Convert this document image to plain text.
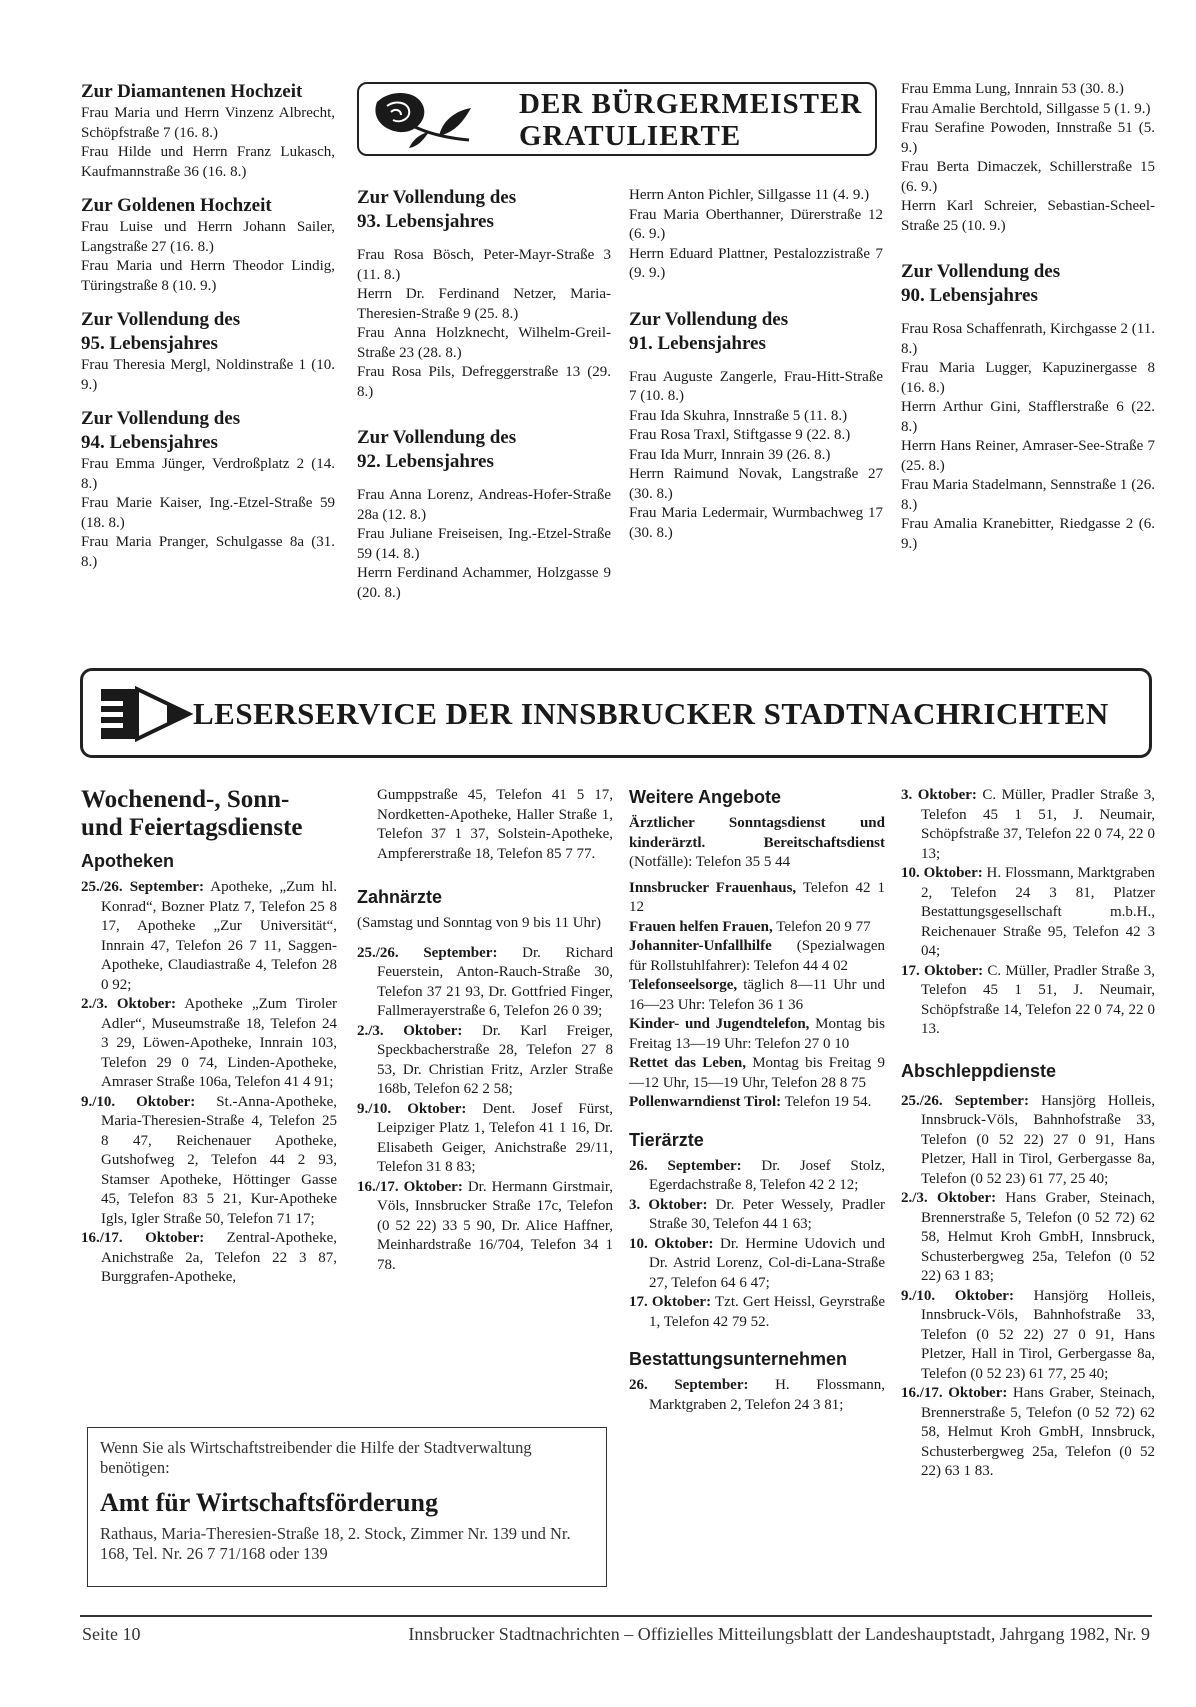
Zur Diamantenen Hochzeit
Frau Maria und Herrn Vinzenz Albrecht, Schöpfstraße 7 (16. 8.)
Frau Hilde und Herrn Franz Lukasch, Kaufmannstraße 36 (16. 8.)
Zur Goldenen Hochzeit
Frau Luise und Herrn Johann Sailer, Langstraße 27 (16. 8.)
Frau Maria und Herrn Theodor Lindig, Türingstraße 8 (10. 9.)
Zur Vollendung des
95. Lebensjahres
Frau Theresia Mergl, Noldinstraße 1 (10. 9.)
Zur Vollendung des
94. Lebensjahres
Frau Emma Jünger, Verdroßplatz 2 (14. 8.)
Frau Marie Kaiser, Ing.-Etzel-Straße 59 (18. 8.)
Frau Maria Pranger, Schulgasse 8a (31. 8.)
DER BÜRGERMEISTER
GRATULIERTE
Zur Vollendung des
93. Lebensjahres
Frau Rosa Bösch, Peter-Mayr-Straße 3 (11. 8.)
Herrn Dr. Ferdinand Netzer, Maria-Theresien-Straße 9 (25. 8.)
Frau Anna Holzknecht, Wilhelm-Greil-Straße 23 (28. 8.)
Frau Rosa Pils, Defreggerstraße 13 (29. 8.)
Zur Vollendung des
92. Lebensjahres
Frau Anna Lorenz, Andreas-Hofer-Straße 28a (12. 8.)
Frau Juliane Freiseisen, Ing.-Etzel-Straße 59 (14. 8.)
Herrn Ferdinand Achammer, Holzgasse 9 (20. 8.)
Herrn Anton Pichler, Sillgasse 11 (4. 9.)
Frau Maria Oberthanner, Dürerstraße 12 (6. 9.)
Herrn Eduard Plattner, Pestalozzistraße 7 (9. 9.)
Zur Vollendung des
91. Lebensjahres
Frau Auguste Zangerle, Frau-Hitt-Straße 7 (10. 8.)
Frau Ida Skuhra, Innstraße 5 (11. 8.)
Frau Rosa Traxl, Stiftgasse 9 (22. 8.)
Frau Ida Murr, Innrain 39 (26. 8.)
Herrn Raimund Novak, Langstraße 27 (30. 8.)
Frau Maria Ledermair, Wurmbachweg 17 (30. 8.)
Frau Emma Lung, Innrain 53 (30. 8.)
Frau Amalie Berchtold, Sillgasse 5 (1. 9.)
Frau Serafine Powoden, Innstraße 51 (5. 9.)
Frau Berta Dimaczek, Schillerstraße 15 (6. 9.)
Herrn Karl Schreier, Sebastian-Scheel-Straße 25 (10. 9.)
Zur Vollendung des
90. Lebensjahres
Frau Rosa Schaffenrath, Kirchgasse 2 (11. 8.)
Frau Maria Lugger, Kapuzinergasse 8 (16. 8.)
Herrn Arthur Gini, Stafflerstraße 6 (22. 8.)
Herrn Hans Reiner, Amraser-See-Straße 7 (25. 8.)
Frau Maria Stadelmann, Sennstraße 1 (26. 8.)
Frau Amalia Kranebitter, Riedgasse 2 (6. 9.)
LESERSERVICE DER INNSBRUCKER STADTNACHRICHTEN
Wochenend-, Sonn-
und Feiertagsdienste
Apotheken

25./26. September: Apotheke, „Zum hl. Konrad“, Bozner Platz 7, Telefon 25 8 17, Apotheke „Zur Universität“, Innrain 47, Telefon 26 7 11, Saggen-Apotheke, Claudiastraße 4, Telefon 28 0 92;

2./3. Oktober: Apotheke „Zum Tiroler Adler“, Museumstraße 18, Telefon 24 3 29, Löwen-Apotheke, Innrain 103, Telefon 29 0 74, Linden-Apotheke, Amraser Straße 106a, Telefon 41 4 91;

9./10. Oktober: St.-Anna-Apotheke, Maria-Theresien-Straße 4, Telefon 25 8 47, Reichenauer Apotheke, Gutshofweg 2, Telefon 44 2 93, Stamser Apotheke, Höttinger Gasse 45, Telefon 83 5 21, Kur-Apotheke Igls, Igler Straße 50, Telefon 71 17;

16./17. Oktober: Zentral-Apotheke, Anichstraße 2a, Telefon 22 3 87, Burggrafen-Apotheke,

Gumppstraße 45, Telefon 41 5 17, Nordketten-Apotheke, Haller Straße 1, Telefon 37 1 37, Solstein-Apotheke, Ampfererstraße 18, Telefon 85 7 77.

Zahnärzte
(Samstag und Sonntag von 9 bis 11 Uhr)

25./26. September: Dr. Richard Feuerstein, Anton-Rauch-Straße 30, Telefon 37 21 93, Dr. Gottfried Finger, Fallmerayerstraße 6, Telefon 26 0 39;

2./3. Oktober: Dr. Karl Freiger, Speckbacherstraße 28, Telefon 27 8 53, Dr. Christian Fritz, Arzler Straße 168b, Telefon 62 2 58;

9./10. Oktober: Dent. Josef Fürst, Leipziger Platz 1, Telefon 41 1 16, Dr. Elisabeth Geiger, Anichstraße 29/11, Telefon 31 8 83;

16./17. Oktober: Dr. Hermann Girstmair, Völs, Innsbrucker Straße 17c, Telefon (0 52 22) 33 5 90, Dr. Alice Haffner, Meinhardstraße 16/704, Telefon 34 1 78.

Weitere Angebote

Ärztlicher Sonntagsdienst und kinderärztl. Bereitschaftsdienst (Notfälle): Telefon 35 5 44

Innsbrucker Frauenhaus, Telefon 42 1 12

Frauen helfen Frauen, Telefon 20 9 77

Johanniter-Unfallhilfe (Spezialwagen für Rollstuhlfahrer): Telefon 44 4 02

Telefonseelsorge, täglich 8—11 Uhr und 16—23 Uhr: Telefon 36 1 36

Kinder- und Jugendtelefon, Montag bis Freitag 13—19 Uhr: Telefon 27 0 10

Rettet das Leben, Montag bis Freitag 9—12 Uhr, 15—19 Uhr, Telefon 28 8 75

Pollenwarndienst Tirol: Telefon 19 54.

Tierärzte

26. September: Dr. Josef Stolz, Egerdachstraße 8, Telefon 42 2 12;

3. Oktober: Dr. Peter Wessely, Pradler Straße 30, Telefon 44 1 63;

10. Oktober: Dr. Hermine Udovich und Dr. Astrid Lorenz, Col-di-Lana-Straße 27, Telefon 64 6 47;

17. Oktober: Tzt. Gert Heissl, Geyrstraße 1, Telefon 42 79 52.

Bestattungsunternehmen

26. September: H. Flossmann, Marktgraben 2, Telefon 24 3 81;

3. Oktober: C. Müller, Pradler Straße 3, Telefon 45 1 51, J. Neumair, Schöpfstraße 37, Telefon 22 0 74, 22 0 13;

10. Oktober: H. Flossmann, Marktgraben 2, Telefon 24 3 81, Platzer Bestattungsgesellschaft m.b.H., Reichenauer Straße 95, Telefon 42 3 04;

17. Oktober: C. Müller, Pradler Straße 3, Telefon 45 1 51, J. Neumair, Schöpfstraße 14, Telefon 22 0 74, 22 0 13.

Abschleppdienste

25./26. September: Hansjörg Holleis, Innsbruck-Völs, Bahnhofstraße 33, Telefon (0 52 22) 27 0 91, Hans Pletzer, Hall in Tirol, Gerbergasse 8a, Telefon (0 52 23) 61 77, 25 40;

2./3. Oktober: Hans Graber, Steinach, Brennerstraße 5, Telefon (0 52 72) 62 58, Helmut Kroh GmbH, Innsbruck, Schusterbergweg 25a, Telefon (0 52 22) 63 1 83;

9./10. Oktober: Hansjörg Holleis, Innsbruck-Völs, Bahnhofstraße 33, Telefon (0 52 22) 27 0 91, Hans Pletzer, Hall in Tirol, Gerbergasse 8a, Telefon (0 52 23) 61 77, 25 40;

16./17. Oktober: Hans Graber, Steinach, Brennerstraße 5, Telefon (0 52 72) 62 58, Helmut Kroh GmbH, Innsbruck, Schusterbergweg 25a, Telefon (0 52 22) 63 1 83.

Wenn Sie als Wirtschaftstreibender die Hilfe der Stadtverwaltung benötigen:
Amt für Wirtschaftsförderung
Rathaus, Maria-Theresien-Straße 18, 2. Stock, Zimmer Nr. 139 und Nr. 168, Tel. Nr. 26 7 71/168 oder 139
Seite 10	Innsbrucker Stadtnachrichten – Offizielles Mitteilungsblatt der Landeshauptstadt, Jahrgang 1982, Nr. 9
